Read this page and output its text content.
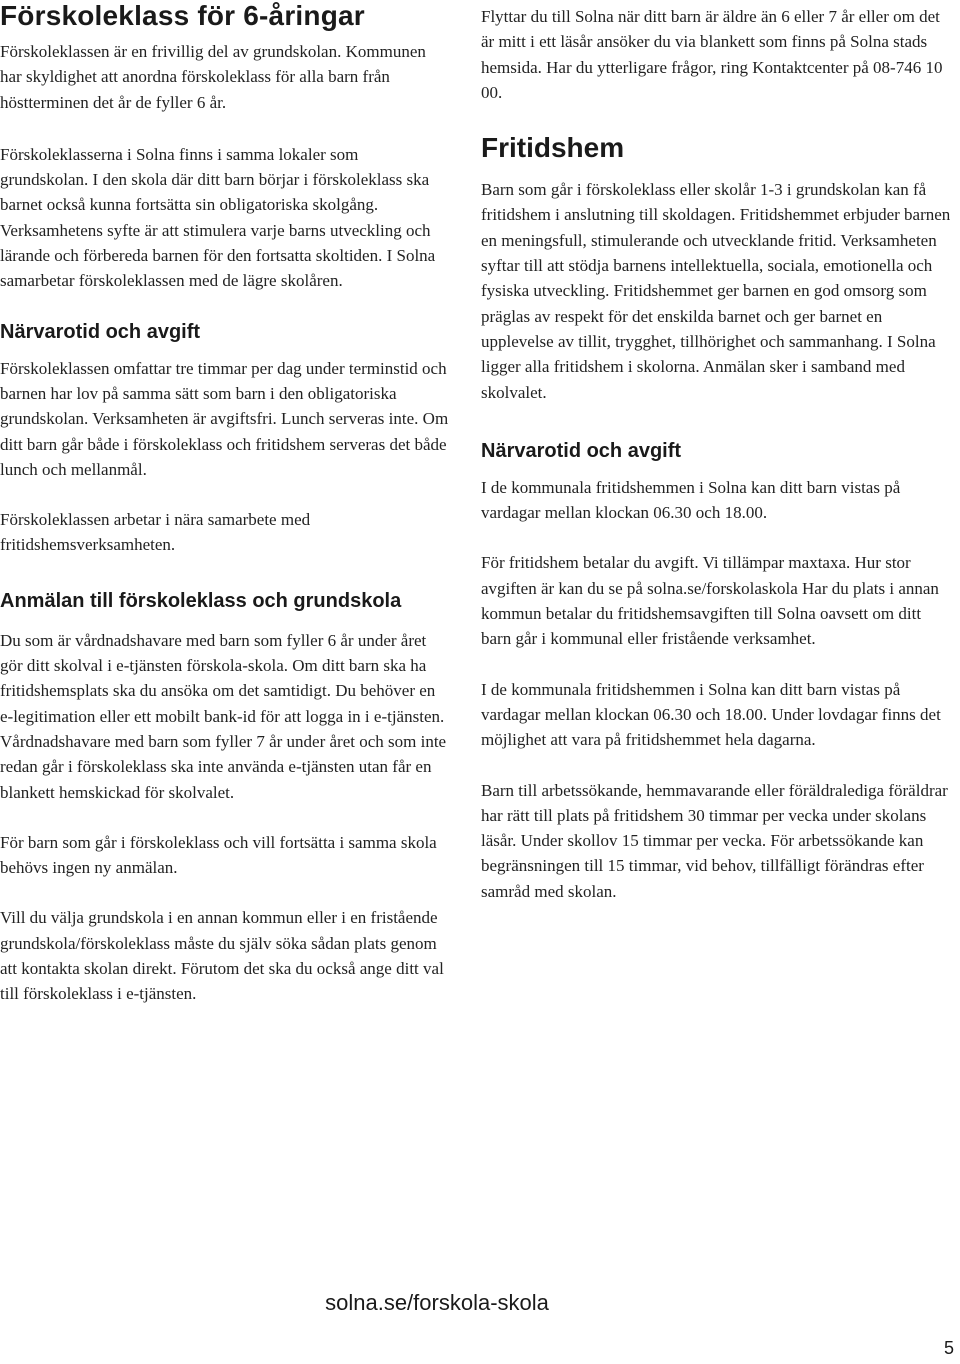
Förskoleklass för 6-åringar

Förskoleklassen är en frivillig del av grundskolan. Kommunen har skyldighet att anordna förskoleklass för alla barn från höstterminen det år de fyller 6 år.

Förskoleklasserna i Solna finns i samma lokaler som grundskolan. I den skola där ditt barn börjar i förskoleklass ska barnet också kunna fortsätta sin obligatoriska skolgång. Verksamhetens syfte är att stimulera varje barns utveckling och lärande och förbereda barnen för den fortsatta skoltiden. I Solna samarbetar förskoleklassen med de lägre skolåren.

Närvarotid och avgift

Förskoleklassen omfattar tre timmar per dag under terminstid och barnen har lov på samma sätt som barn i den obligatoriska grundskolan. Verksamheten är avgiftsfri. Lunch serveras inte. Om ditt barn går både i förskoleklass och fritidshem serveras det både lunch och mellanmål.

Förskoleklassen arbetar i nära samarbete med fritidshemsverksamheten.

Anmälan till förskoleklass och grundskola

Du som är vårdnadshavare med barn som fyller 6 år under året gör ditt skolval i e-tjänsten förskola-skola. Om ditt barn ska ha fritidshemsplats ska du ansöka om det samtidigt. Du behöver en e-legitimation eller ett mobilt bank-id för att logga in i e-tjänsten. Vårdnadshavare med barn som fyller 7 år under året och som inte redan går i förskoleklass ska inte använda e-tjänsten utan får en blankett hemskickad för skolvalet.

För barn som går i förskoleklass och vill fortsätta i samma skola behövs ingen ny anmälan.

Vill du välja grundskola i en annan kommun eller i en fristående grundskola/förskoleklass måste du själv söka sådan plats genom att kontakta skolan direkt. Förutom det ska du också ange ditt val till förskoleklass i e-tjänsten.

Flyttar du till Solna när ditt barn är äldre än 6 eller 7 år eller om det är mitt i ett läsår ansöker du via blankett som finns på Solna stads hemsida. Har du ytterligare frågor, ring Kontaktcenter på 08-746 10 00.

Fritidshem

Barn som går i förskoleklass eller skolår 1-3 i grundskolan kan få fritidshem i anslutning till skoldagen. Fritidshemmet erbjuder barnen en meningsfull, stimulerande och utvecklande fritid. Verksamheten syftar till att stödja barnens intellektuella, sociala, emotionella och fysiska utveckling. Fritidshemmet ger barnen en god omsorg som präglas av respekt för det enskilda barnet och ger barnet en upplevelse av tillit, trygghet, tillhörighet och sammanhang. I Solna ligger alla fritidshem i skolorna. Anmälan sker i samband med skolvalet.

Närvarotid och avgift

I de kommunala fritidshemmen i Solna kan ditt barn vistas på vardagar mellan klockan 06.30 och 18.00.

För fritidshem betalar du avgift. Vi tillämpar maxtaxa. Hur stor avgiften är kan du se på solna.se/forskolaskola Har du plats i annan kommun betalar du fritidshemsavgiften till Solna oavsett om ditt barn går i kommunal eller fristående verksamhet.

I de kommunala fritidshemmen i Solna kan ditt barn vistas på vardagar mellan klockan 06.30 och 18.00. Under lovdagar finns det möjlighet att vara på fritidshemmet hela dagarna.

Barn till arbetssökande, hemmavarande eller föräldralediga föräldrar har rätt till plats på fritidshem 30 timmar per vecka under skolans läsår. Under skollov 15 timmar per vecka. För arbetssökande kan begränsningen till 15 timmar, vid behov, tillfälligt förändras efter samråd med skolan.

solna.se/forskola-skola
5
